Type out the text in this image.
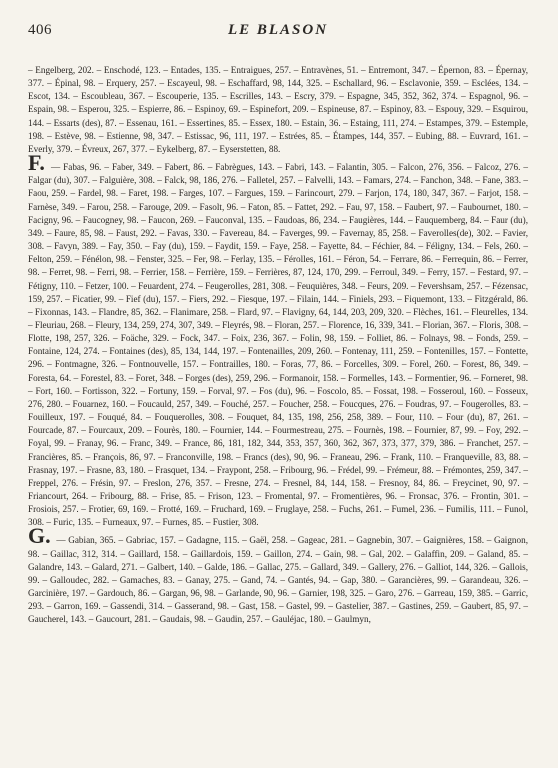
406	LE BLASON

– Engelberg, 202. – Enschodé, 123. – Entades, 135. – Entraigues, 257. – Entravènes, 51. – Entremont, 347. – Épernon, 83. – Épernay, 377. – Épinal, 98. – Erquery, 257. – Escayeul, 98. – Eschaffard, 98, 144, 325. – Eschallard, 96. – Esclavonie, 359. – Esclées, 134. – Escot, 134. – Escoubleau, 367. – Escouperie, 135. – Escrilles, 143. – Escry, 379. – Espagne, 345, 352, 362, 374. – Espagnol, 96. – Espain, 98. – Esperou, 325. – Espierre, 86. – Espinoy, 69. – Espinefort, 209. – Espineuse, 87. – Espinoy, 83. – Espouy, 329. – Esquirou, 144. – Essarts (des), 87. – Essenau, 161. – Essertines, 85. – Essex, 180. – Estain, 36. – Estaing, 111, 274. – Estampes, 379. – Estemple, 198. – Estève, 98. – Estienne, 98, 347. – Estissac, 96, 111, 197. – Estrées, 85. – Étampes, 144, 357. – Eubing, 88. – Euvrard, 161. – Everly, 379. – Évreux, 267, 377. – Eykelberg, 87. – Eyserstetten, 88.

F. — Fabas, 96. – Faber, 349. – Fabert, 86. – Fabrègues, 143. – Fabri, 143. – Falantin, 305. – Falcon, 276, 356. – Falcoz, 276. – Falgar (du), 307. – Falguière, 308. – Falck, 98, 186, 276. – Falletel, 257. – Falvelli, 143. – Famars, 274. – Fanchon, 348. – Fane, 383. – Faou, 259. – Fardel, 98. – Faret, 198. – Farges, 107. – Fargues, 159. – Farincourt, 279. – Farjon, 174, 180, 347, 367. – Farjot, 158. – Farnèse, 349. – Farou, 258. – Farouge, 209. – Fasolt, 96. – Faton, 85. – Fattet, 292. – Fau, 97, 158. – Faubert, 97. – Faubournet, 180. – Facigny, 96. – Faucogney, 98. – Faucon, 269. – Fauconval, 135. – Faudoas, 86, 234. – Faugières, 144. – Fauquemberg, 84. – Faur (du), 349. – Faure, 85, 98. – Faust, 292. – Favas, 330. – Favereau, 84. – Faverges, 99. – Favernay, 85, 258. – Faverolles(de), 302. – Favier, 308. – Favyn, 389. – Fay, 350. – Fay (du), 159. – Faydit, 159. – Faye, 258. – Fayette, 84. – Féchier, 84. – Féligny, 134. – Fels, 260. – Felton, 259. – Fénélon, 98. – Fenster, 325. – Fer, 98. – Ferlay, 135. – Férolles, 161. – Féron, 54. – Ferrare, 86. – Ferrequin, 86. – Ferrer, 98. – Ferret, 98. – Ferri, 98. – Ferrier, 158. – Ferrière, 159. – Ferrières, 87, 124, 170, 299. – Ferroul, 349. – Ferry, 157. – Festard, 97. – Fétigny, 110. – Fetzer, 100. – Feuardent, 274. – Feugerolles, 281, 308. – Feuquières, 348. – Feurs, 209. – Fevershsam, 257. – Fézensac, 159, 257. – Ficatier, 99. – Fief (du), 157. – Fiers, 292. – Fiesque, 197. – Filain, 144. – Finiels, 293. – Fiquemont, 133. – Fitzgérald, 86. – Fixonnas, 143. – Flandre, 85, 362. – Flanimare, 258. – Flard, 97. – Flavigny, 64, 144, 203, 209, 320. – Flèches, 161. – Fleurelles, 134. – Fleuriau, 268. – Fleury, 134, 259, 274, 307, 349. – Fleyrés, 98. – Floran, 257. – Florence, 16, 339, 341. – Florian, 367. – Floris, 308. – Flotte, 198, 257, 326. – Foäche, 329. – Fock, 347. – Foix, 236, 367. – Folin, 98, 159. – Folliet, 86. – Folnays, 98. – Fonds, 259. – Fontaine, 124, 274. – Fontaines (des), 85, 134, 144, 197. – Fontenailles, 209, 260. – Fontenay, 111, 259. – Fontenilles, 157. – Fontette, 296. – Fontmagne, 326. – Fontnouvelle, 157. – Fontrailles, 180. – Foras, 77, 86. – Forcelles, 309. – Forel, 260. – Forest, 86, 349. – Foresta, 64. – Forestel, 83. – Foret, 348. – Forges (des), 259, 296. – Formanoir, 158. – Formelles, 143. – Formentier, 96. – Forneret, 98. – Fort, 160. – Fortisson, 322. – Fortuny, 159. – Forval, 97. – Fos (du), 96. – Foscolo, 85. – Fossat, 198. – Fosseroul, 160. – Fosseux, 276, 280. – Fouarnez, 160. – Foucauld, 257, 349. – Fouché, 257. – Foucher, 258. – Foucques, 276. – Foudras, 97. – Fougerolles, 83. – Fouilleux, 197. – Fouqué, 84. – Fouquerolles, 308. – Fouquet, 84, 135, 198, 256, 258, 389. – Four, 110. – Four (du), 87, 261. – Fourcade, 87. – Fourcaux, 209. – Fourès, 180. – Fournier, 144. – Fourmestreau, 275. – Fournès, 198. – Fournier, 87, 99. – Foy, 292. – Foyal, 99. – Franay, 96. – Franc, 349. – France, 86, 181, 182, 344, 353, 357, 360, 362, 367, 373, 377, 379, 386. – Franchet, 257. – Francières, 85. – François, 86, 97. – Franconville, 198. – Francs (des), 90, 96. – Franeau, 296. – Frank, 110. – Franqueville, 83, 88. – Frasnay, 197. – Frasne, 83, 180. – Frasquet, 134. – Fraypont, 258. – Fribourg, 96. – Frédel, 99. – Frémeur, 88. – Frémontes, 259, 347. – Freppel, 276. – Frésin, 97. – Freslon, 276, 357. – Fresne, 274. – Fresnel, 84, 144, 158. – Fresnoy, 84, 86. – Freycinet, 90, 97. – Friancourt, 264. – Fribourg, 88. – Frise, 85. – Frison, 123. – Fromental, 97. – Fromentières, 96. – Fronsac, 376. – Frontin, 301. – Frosiois, 257. – Frotier, 69, 169. – Frotté, 169. – Fruchard, 169. – Fruglaye, 258. – Fuchs, 261. – Fumel, 236. – Fumilis, 111. – Funol, 308. – Furic, 135. – Furneaux, 97. – Furnes, 85. – Fustier, 308.

G. — Gabian, 365. – Gabriac, 157. – Gadagne, 115. – Gaël, 258. – Gageac, 281. – Gagnebin, 307. – Gaignières, 158. – Gaignon, 98. – Gaillac, 312, 314. – Gaillard, 158. – Gaillardois, 159. – Gaillon, 274. – Gain, 98. – Gal, 202. – Galaffin, 209. – Galand, 85. – Galandre, 143. – Galard, 271. – Galbert, 140. – Galde, 186. – Gallac, 275. – Gallard, 349. – Gallery, 276. – Galliot, 144, 326. – Gallois, 99. – Galloudec, 282. – Gamaches, 83. – Ganay, 275. – Gand, 74. – Gantés, 94. – Gap, 380. – Garancières, 99. – Garandeau, 326. – Garcinière, 197. – Gardouch, 86. – Gargan, 96, 98. – Garlande, 90, 96. – Garnier, 198, 325. – Garo, 276. – Garreau, 159, 385. – Garric, 293. – Garron, 169. – Gassendi, 314. – Gasserand, 98. – Gast, 158. – Gastel, 99. – Gastelier, 387. – Gastines, 259. – Gaubert, 85, 97. – Gaucherel, 143. – Gaucourt, 281. – Gaudais, 98. – Gaudin, 257. – Gauléjac, 180. – Gaulmyn,
